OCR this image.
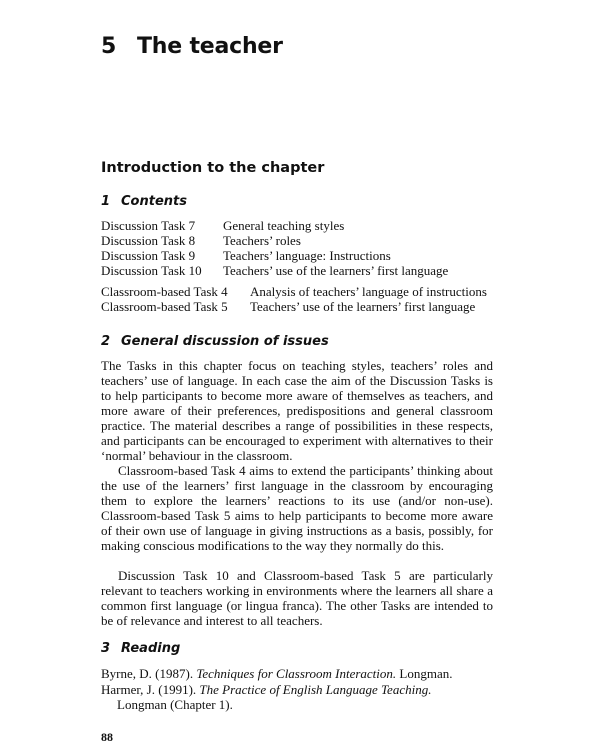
5 The teacher
Introduction to the chapter
1 Contents
Discussion Task 7 General teaching styles
Discussion Task 8 Teachers’ roles
Discussion Task 9 Teachers’ language: Instructions
Discussion Task 10 Teachers’ use of the learners’ first language
Classroom-based Task 4 Analysis of teachers’ language of instructions
Classroom-based Task 5 Teachers’ use of the learners’ first language
2 General discussion of issues

The Tasks in this chapter focus on teaching styles, teachers’ roles and teachers’ use of language. In each case the aim of the Discussion Tasks is to help participants to become more aware of themselves as teachers, and more aware of their preferences, predispositions and general classroom practice. The material describes a range of possibilities in these respects, and participants can be encouraged to experiment with alternatives to their ‘normal’ behaviour in the classroom.

Classroom-based Task 4 aims to extend the participants’ thinking about the use of the learners’ first language in the classroom by encouraging them to explore the learners’ reactions to its use (and/or non-use). Classroom-based Task 5 aims to help participants to become more aware of their own use of language in giving instructions as a basis, possibly, for making conscious modifications to the way they normally do this.

Discussion Task 10 and Classroom-based Task 5 are particularly relevant to teachers working in environments where the learners all share a common first language (or lingua franca). The other Tasks are intended to be of relevance and interest to all teachers.

3 Reading

Byrne, D. (1987). Techniques for Classroom Interaction. Longman.

Harmer, J. (1991). The Practice of English Language Teaching.
Longman (Chapter 1).

88
